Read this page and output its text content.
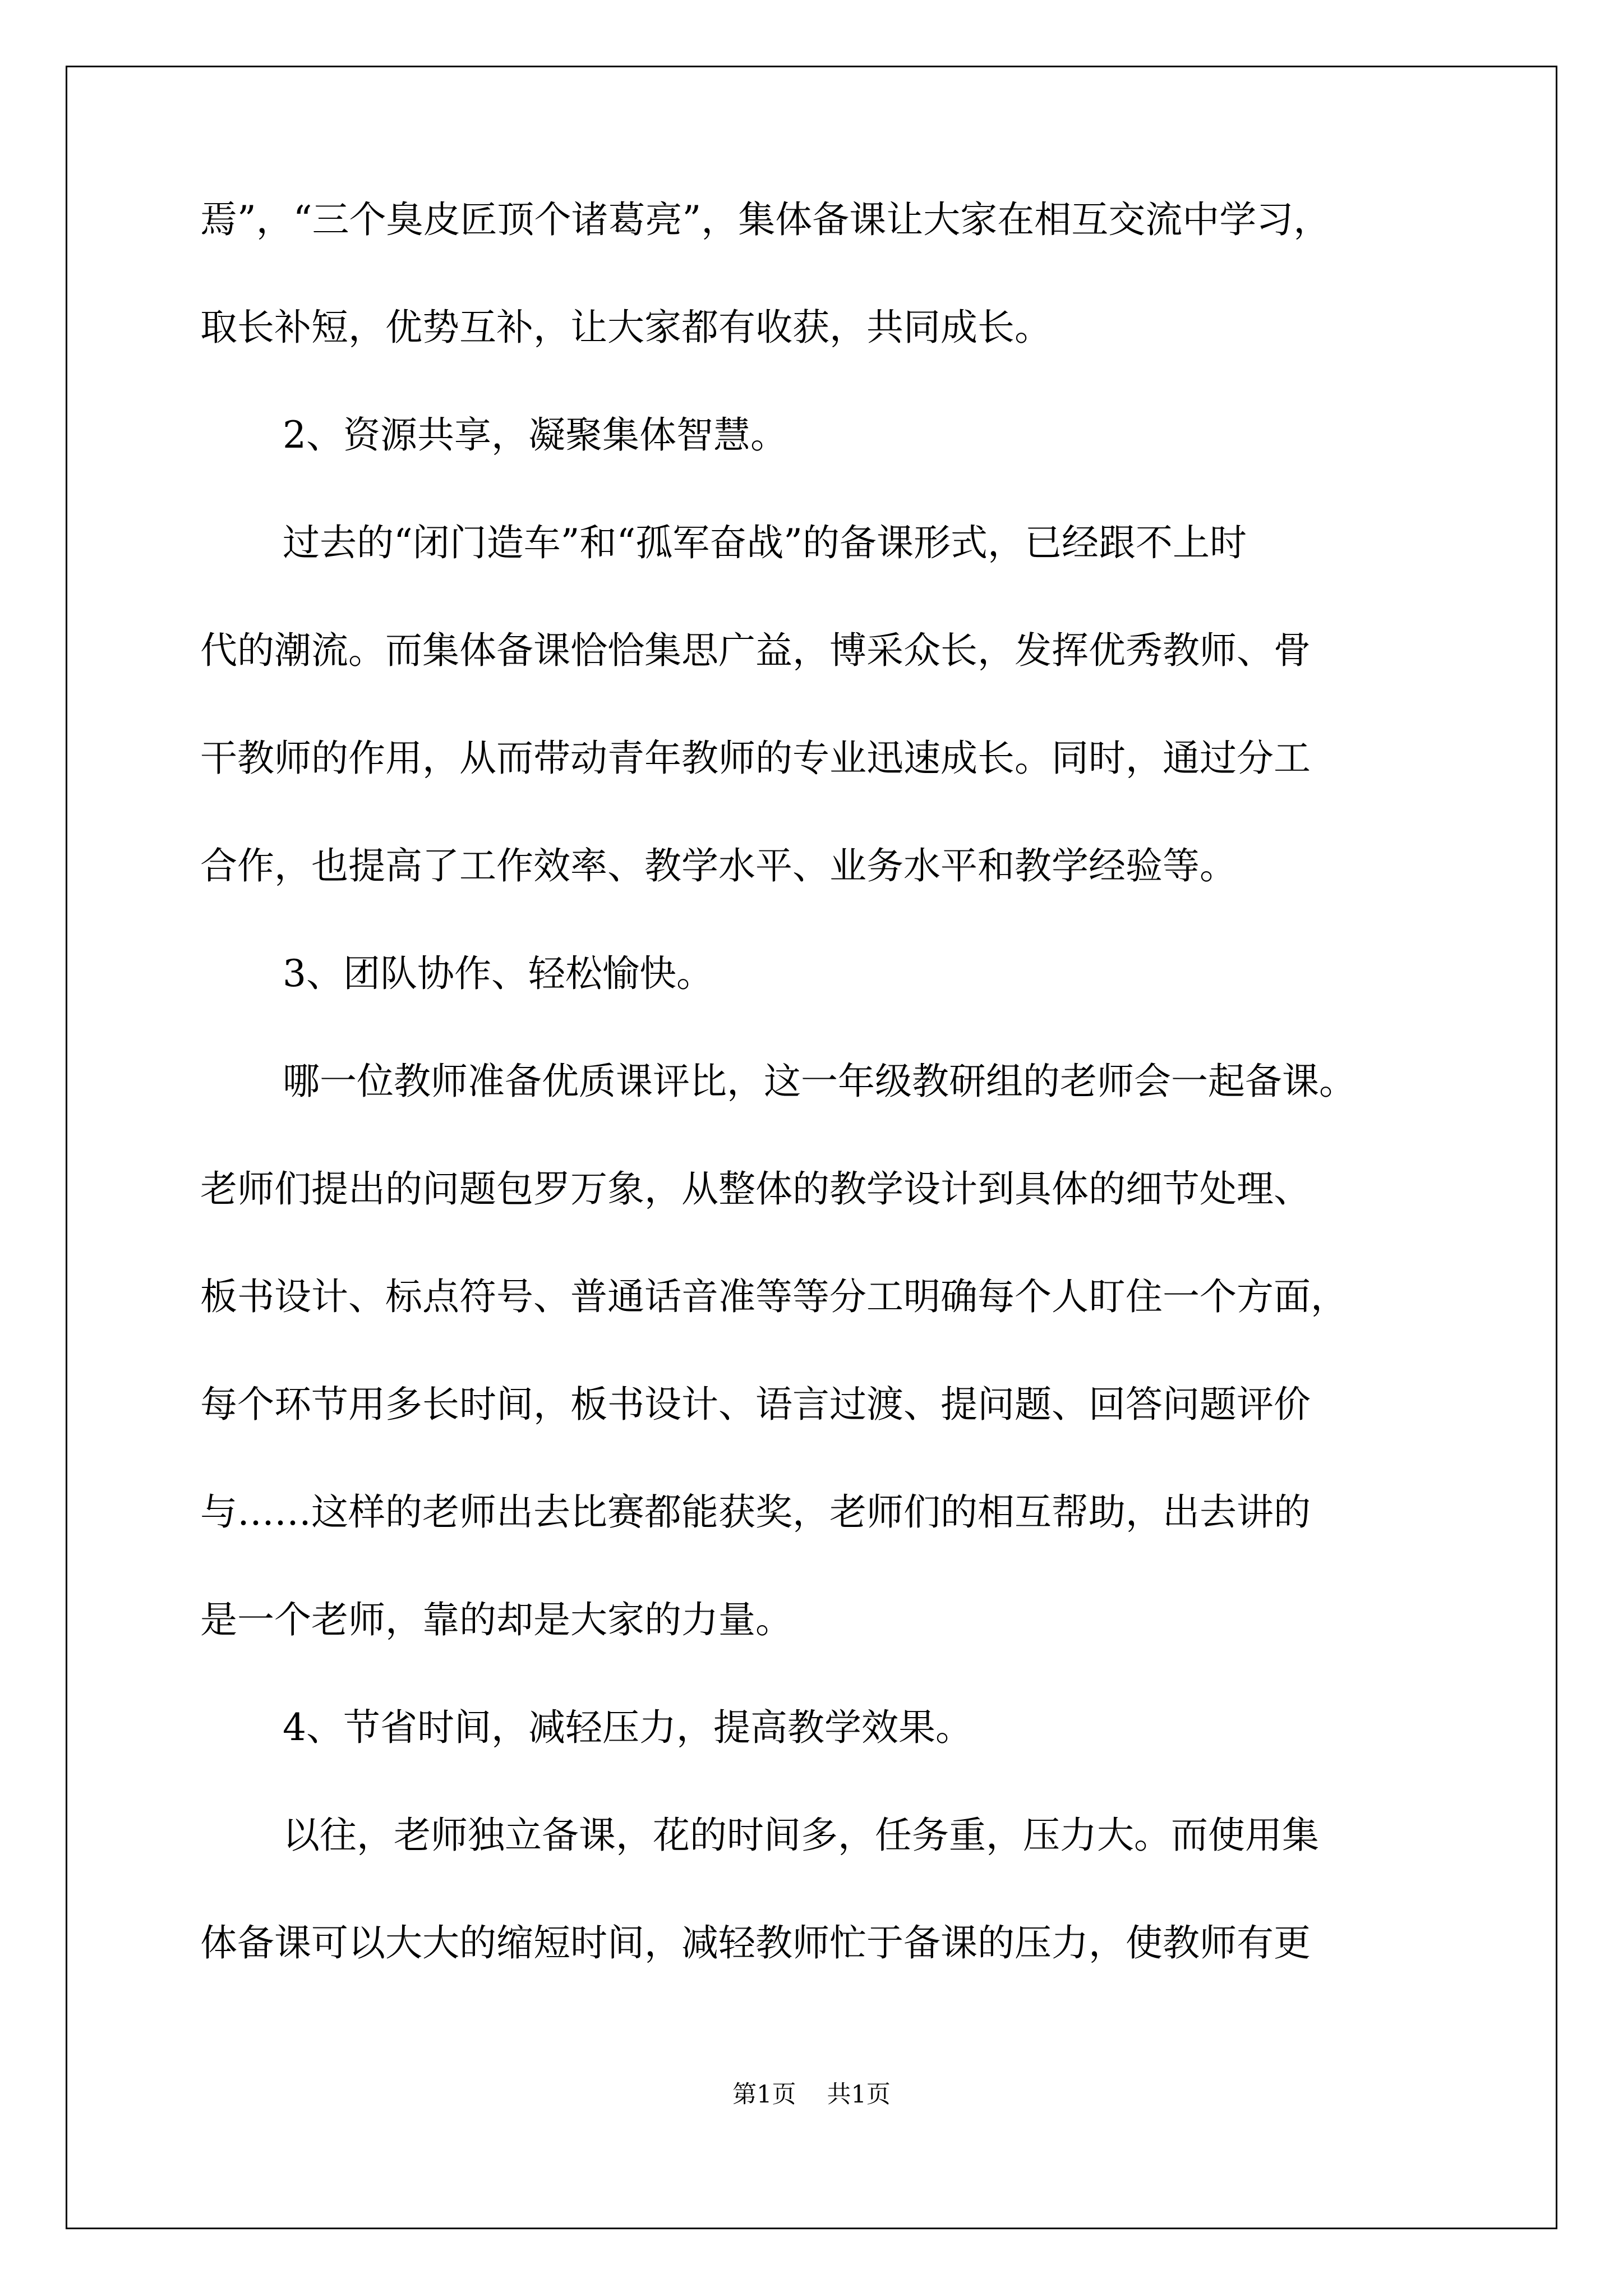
焉”，“三个臭皮匠顶个诸葛亮”，集体备课让大家在相互交流中学习，
取长补短，优势互补，让大家都有收获，共同成长。
2、资源共享，凝聚集体智慧。
过去的“闭门造车”和“孤军奋战”的备课形式，已经跟不上时
代的潮流。而集体备课恰恰集思广益，博采众长，发挥优秀教师、骨
干教师的作用，从而带动青年教师的专业迅速成长。同时，通过分工
合作，也提高了工作效率、教学水平、业务水平和教学经验等。
3、团队协作、轻松愉快。
哪一位教师准备优质课评比，这一年级教研组的老师会一起备课。
老师们提出的问题包罗万象，从整体的教学设计到具体的细节处理、
板书设计、标点符号、普通话音准等等分工明确每个人盯住一个方面，
每个环节用多长时间，板书设计、语言过渡、提问题、回答问题评价
与……这样的老师出去比赛都能获奖，老师们的相互帮助，出去讲的
是一个老师，靠的却是大家的力量。
4、节省时间，减轻压力，提高教学效果。
以往，老师独立备课，花的时间多，任务重，压力大。而使用集
体备课可以大大的缩短时间，减轻教师忙于备课的压力，使教师有更
第1页 共1页
